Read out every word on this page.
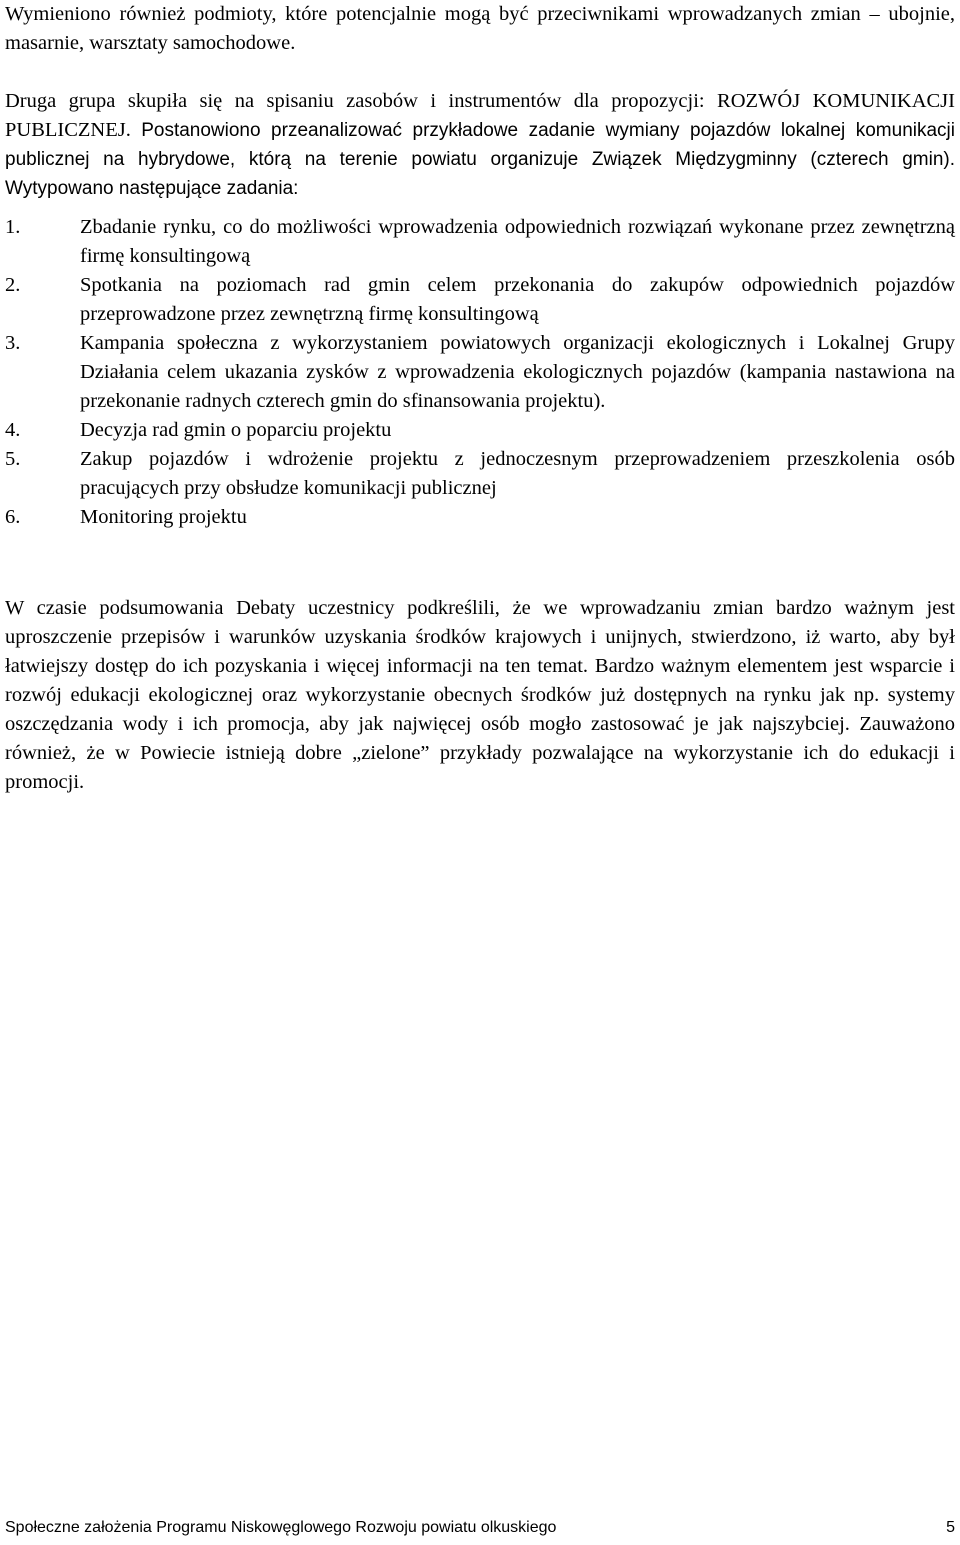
Wymieniono również podmioty, które potencjalnie mogą być przeciwnikami wprowadzanych zmian – ubojnie, masarnie, warsztaty samochodowe.

Druga grupa skupiła się na spisaniu zasobów i instrumentów dla propozycji: ROZWÓJ KOMUNIKACJI PUBLICZNEJ. Postanowiono przeanalizować przykładowe zadanie wymiany pojazdów lokalnej komunikacji publicznej na hybrydowe, którą na terenie powiatu organizuje Związek Międzygminny (czterech gmin). Wytypowano następujące zadania:

1.	Zbadanie rynku, co do możliwości wprowadzenia odpowiednich rozwiązań wykonane przez zewnętrzną firmę konsultingową
2.	Spotkania na poziomach rad gmin celem przekonania do zakupów odpowiednich pojazdów przeprowadzone przez zewnętrzną firmę konsultingową
3.	Kampania społeczna z wykorzystaniem powiatowych organizacji ekologicznych i Lokalnej Grupy Działania celem ukazania zysków z wprowadzenia ekologicznych pojazdów (kampania nastawiona na przekonanie radnych czterech gmin do sfinansowania projektu).
4.	Decyzja rad gmin o poparciu projektu
5.	Zakup pojazdów i wdrożenie projektu z jednoczesnym przeprowadzeniem przeszkolenia osób pracujących przy obsłudze komunikacji publicznej
6.	Monitoring projektu

W czasie podsumowania Debaty uczestnicy podkreślili, że we wprowadzaniu zmian bardzo ważnym jest uproszczenie przepisów i warunków uzyskania środków krajowych i unijnych, stwierdzono, iż warto, aby był łatwiejszy dostęp do ich pozyskania i więcej informacji na ten temat. Bardzo ważnym elementem jest wsparcie i rozwój edukacji ekologicznej oraz wykorzystanie obecnych środków już dostępnych na rynku jak np. systemy oszczędzania wody i ich promocja, aby jak najwięcej osób mogło zastosować je jak najszybciej. Zauważono również, że w Powiecie istnieją dobre „zielone” przykłady pozwalające na wykorzystanie ich do edukacji i promocji.

Społeczne założenia Programu Niskowęglowego Rozwoju powiatu olkuskiego	5
